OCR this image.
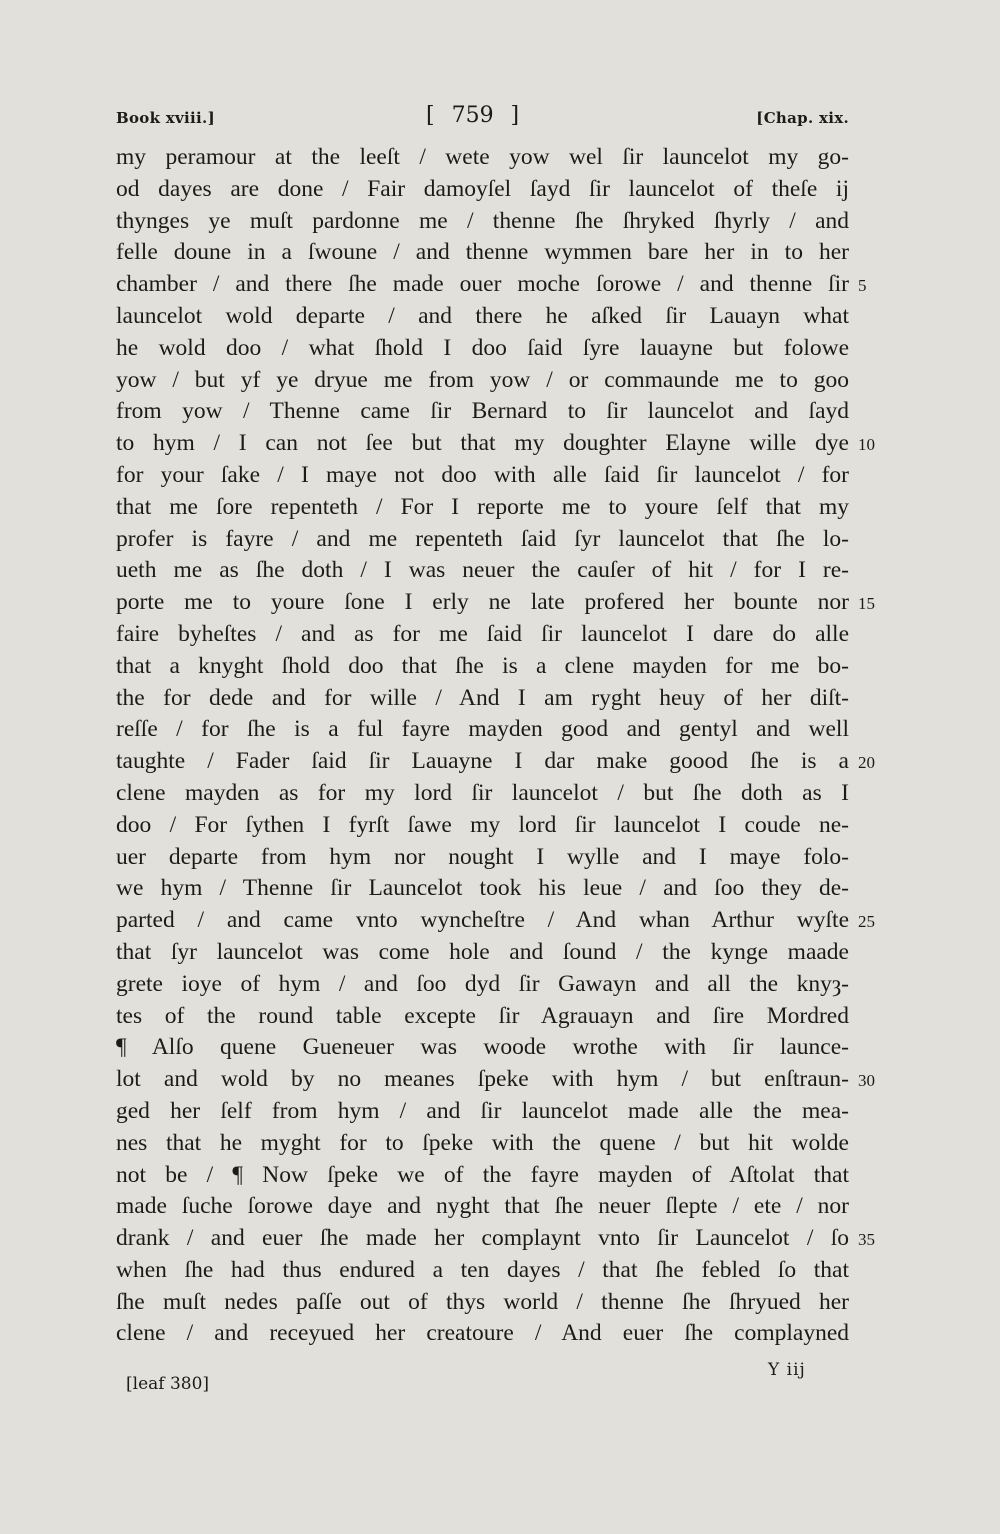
Book xviii.]	[ 759 ]	[Chap. xix.
my peramour at the leeſt / wete yow wel ſir launcelot my go-
od dayes are done / Fair damoyſel ſayd ſir launcelot of theſe ij
thynges ye muſt pardonne me / thenne ſhe ſhryked ſhyrly / and
felle doune in a ſwoune / and thenne wymmen bare her in to her
chamber / and there ſhe made ouer moche ſorowe / and thenne ſir 5
launcelot wold departe / and there he aſked ſir Lauayn what
he wold doo / what ſhold I doo ſaid ſyre lauayne but folowe
yow / but yf ye dryue me from yow / or commaunde me to goo
from yow / Thenne came ſir Bernard to ſir launcelot and ſayd
to hym / I can not ſee but that my doughter Elayne wille dye 10
for your ſake / I maye not doo with alle ſaid ſir launcelot / for
that me ſore repenteth / For I reporte me to youre ſelf that my
profer is fayre / and me repenteth ſaid ſyr launcelot that ſhe lo-
ueth me as ſhe doth / I was neuer the cauſer of hit / for I re-
porte me to youre ſone I erly ne late profered her bounte nor 15
faire byheſtes / and as for me ſaid ſir launcelot I dare do alle
that a knyght ſhold doo that ſhe is a clene mayden for me bo-
the for dede and for wille / And I am ryght heuy of her diſt-
reſſe / for ſhe is a ful fayre mayden good and gentyl and well
taughte / Fader ſaid ſir Lauayne I dar make goood ſhe is a 20
clene mayden as for my lord ſir launcelot / but ſhe doth as I
doo / For ſythen I fyrſt ſawe my lord ſir launcelot I coude ne-
uer departe from hym nor nought I wylle and I maye folo-
we hym / Thenne ſir Launcelot took his leue / and ſoo they de-
parted / and came vnto wyncheſtre / And whan Arthur wyſte 25
that ſyr launcelot was come hole and ſound / the kynge maade
grete ioye of hym / and ſoo dyd ſir Gawayn and all the knyȝ-
tes of the round table excepte ſir Agrauayn and ſire Mordred
¶ Alſo quene Gueneuer was woode wrothe with ſir launce-
lot and wold by no meanes ſpeke with hym / but enſtraun- 30
ged her ſelf from hym / and ſir launcelot made alle the mea-
nes that he myght for to ſpeke with the quene / but hit wolde
not be / ¶ Now ſpeke we of the fayre mayden of Aſtolat that
made ſuche ſorowe daye and nyght that ſhe neuer ſlepte / ete / nor
drank / and euer ſhe made her complaynt vnto ſir Launcelot / ſo 35
when ſhe had thus endured a ten dayes / that ſhe febled ſo that
ſhe muſt nedes paſſe out of thys world / thenne ſhe ſhryued her
clene / and receyued her creatoure / And euer ſhe complayned
[leaf 380]
Y iij
